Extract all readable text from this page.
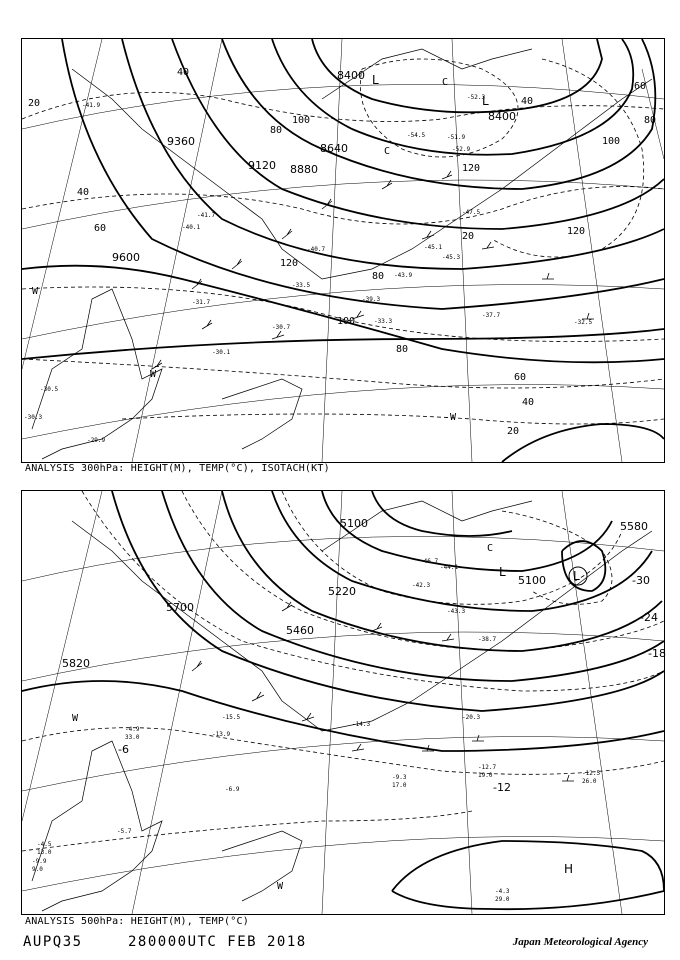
9600
9360
9120 8880
8640
8400
8400
20
40
40
60
80
100
120
120
100
80
60
40
20
120
100
80
60
40
20
80
L
L
C
C
W
W
W
-30.5
-29.9
-30.1
-31.7
-30.7
-32.5
-37.7
-33.5
-39.3
-45.1
-45.3
-47.5
-51.9
-52.9
-54.5
-52.3
-41.9
-40.1
-33.3
-30.3
-41.7
-40.7
-43.9
ANALYSIS 300hPa: HEIGHT(M), TEMP(°C), ISOTACH(KT)
5820
5700
5460
5220
5100
5100
5580
-6
-12
-18
-24
-30
L
L
C
W
W
H
-12.5
26.0
-12.7
19.0
-14.3
-20.3
-38.7
-43.3
-46.7
-44.1
-42.3
-15.5
-13.9
-6.9
-9.3
17.0
-4.3
29.0
-4.5
13.0
-5.7
-9.9
9.0
-4.9
33.0
ANALYSIS 500hPa: HEIGHT(M), TEMP(°C)
AUPQ35	280000UTC FEB 2018	Japan Meteorological Agency
